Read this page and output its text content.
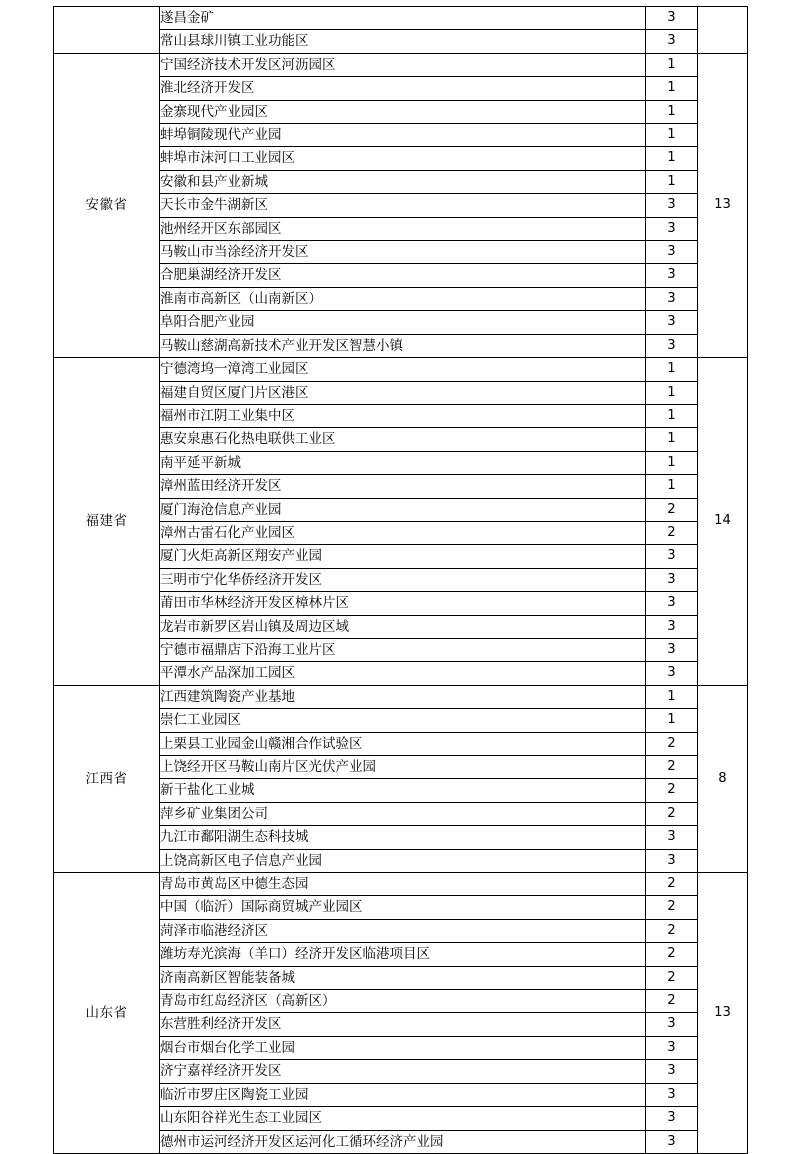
	遂昌金矿	3	
	常山县球川镇工业功能区	3	
安徽省	宁国经济技术开发区河沥园区	1	13
	淮北经济开发区	1	
	金寨现代产业园区	1	
	蚌埠铜陵现代产业园	1	
	蚌埠市沫河口工业园区	1	
	安徽和县产业新城	1	
	天长市金牛湖新区	3	
	池州经开区东部园区	3	
	马鞍山市当涂经济开发区	3	
	合肥巢湖经济开发区	3	
	淮南市高新区（山南新区）	3	
	阜阳合肥产业园	3	
	马鞍山慈湖高新技术产业开发区智慧小镇	3	
福建省	宁德湾坞一漳湾工业园区	1	14
	福建自贸区厦门片区港区	1	
	福州市江阴工业集中区	1	
	惠安泉惠石化热电联供工业区	1	
	南平延平新城	1	
	漳州蓝田经济开发区	1	
	厦门海沧信息产业园	2	
	漳州古雷石化产业园区	2	
	厦门火炬高新区翔安产业园	3	
	三明市宁化华侨经济开发区	3	
	莆田市华林经济开发区樟林片区	3	
	龙岩市新罗区岩山镇及周边区域	3	
	宁德市福鼎店下沿海工业片区	3	
	平潭水产品深加工园区	3	
江西省	江西建筑陶瓷产业基地	1	8
	崇仁工业园区	1	
	上栗县工业园金山赣湘合作试验区	2	
	上饶经开区马鞍山南片区光伏产业园	2	
	新干盐化工业城	2	
	萍乡矿业集团公司	2	
	九江市鄱阳湖生态科技城	3	
	上饶高新区电子信息产业园	3	
山东省	青岛市黄岛区中德生态园	2	13
	中国（临沂）国际商贸城产业园区	2	
	菏泽市临港经济区	2	
	潍坊寿光滨海（羊口）经济开发区临港项目区	2	
	济南高新区智能装备城	2	
	青岛市红岛经济区（高新区）	2	
	东营胜利经济开发区	3	
	烟台市烟台化学工业园	3	
	济宁嘉祥经济开发区	3	
	临沂市罗庄区陶瓷工业园	3	
	山东阳谷祥光生态工业园区	3	
	德州市运河经济开发区运河化工循环经济产业园	3	
